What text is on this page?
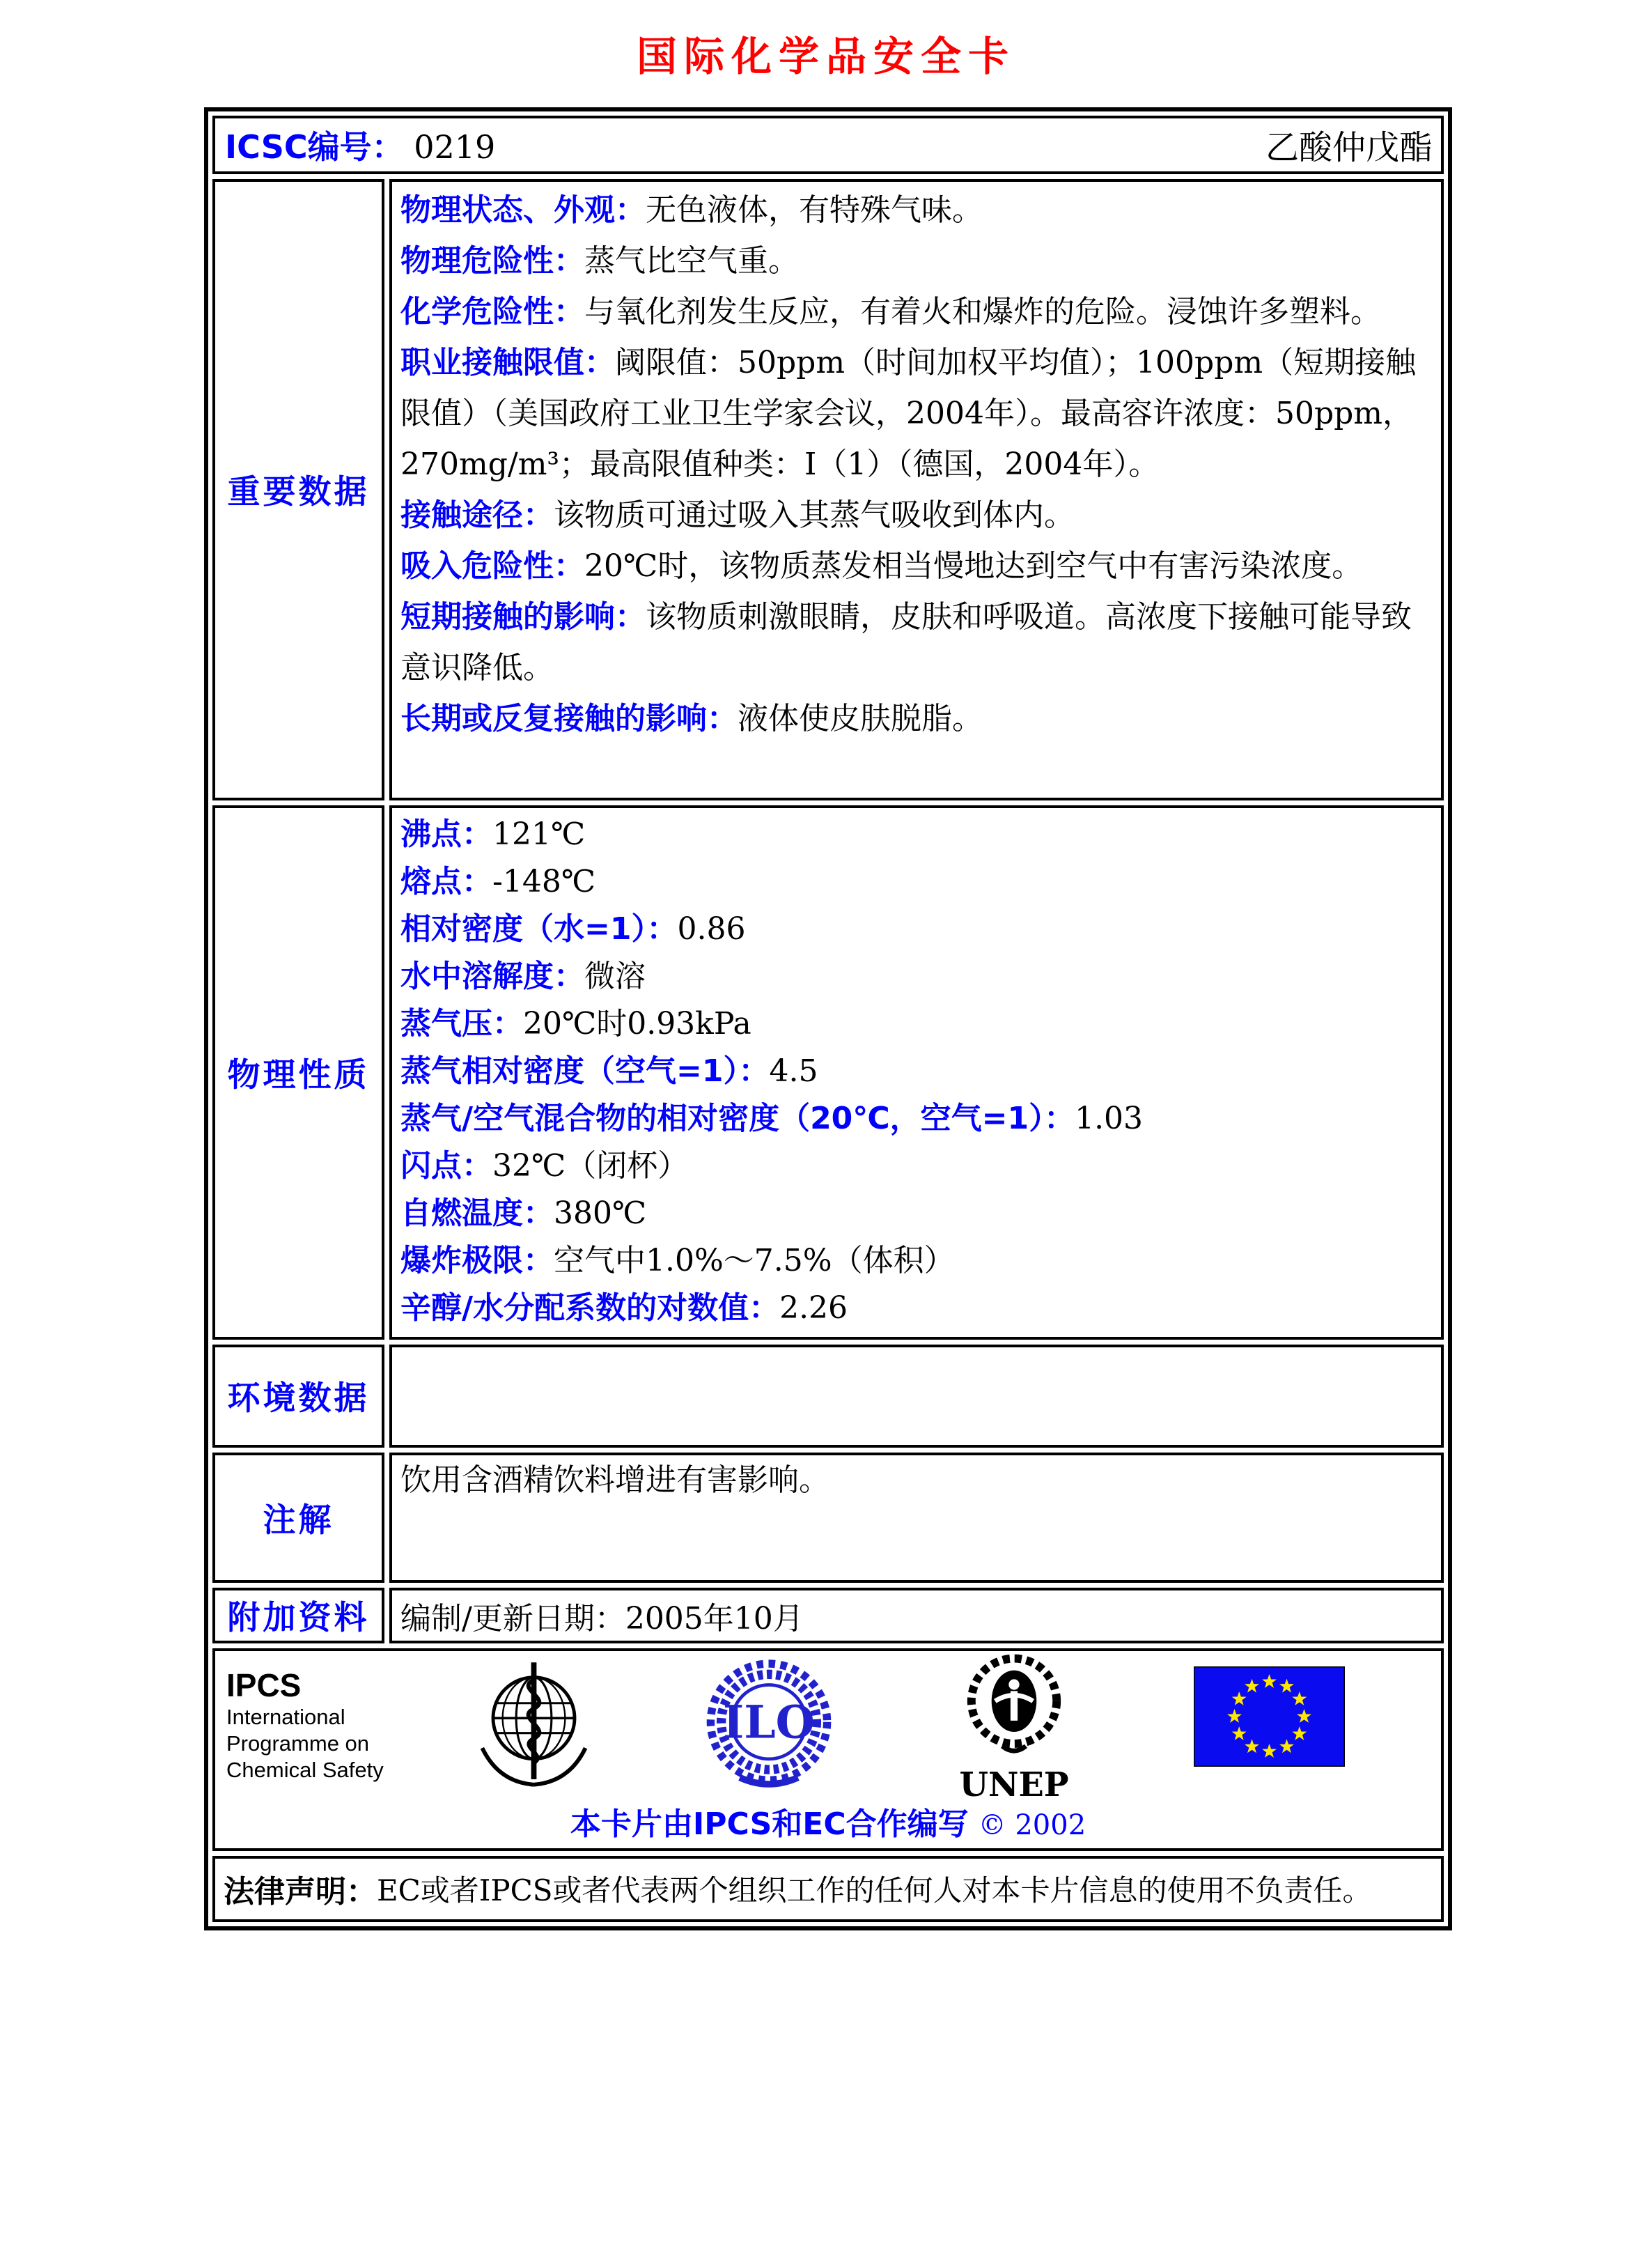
国际化学品安全卡
ICSC编号： 0219	乙酸仲戊酯
重要数据
物理状态、外观：无色液体，有特殊气味。
物理危险性：蒸气比空气重。
化学危险性：与氧化剂发生反应，有着火和爆炸的危险。浸蚀许多塑料。
职业接触限值：阈限值：50ppm（时间加权平均值）；100ppm（短期接触限值）（美国政府工业卫生学家会议，2004年）。最高容许浓度：50ppm，270mg/m³；最高限值种类：I（1）（德国，2004年）。
接触途径：该物质可通过吸入其蒸气吸收到体内。
吸入危险性：20℃时，该物质蒸发相当慢地达到空气中有害污染浓度。
短期接触的影响：该物质刺激眼睛，皮肤和呼吸道。高浓度下接触可能导致意识降低。
长期或反复接触的影响：液体使皮肤脱脂。
物理性质
沸点：121℃
熔点：-148℃
相对密度（水=1）：0.86
水中溶解度：微溶
蒸气压：20℃时0.93kPa
蒸气相对密度（空气=1）：4.5
蒸气/空气混合物的相对密度（20℃，空气=1）：1.03
闪点：32℃（闭杯）
自燃温度：380℃
爆炸极限：空气中1.0%～7.5%（体积）
辛醇/水分配系数的对数值：2.26
环境数据
注解
饮用含酒精饮料增进有害影响。
附加资料	编制/更新日期：2005年10月
IPCS
International
Programme on
Chemical Safety
ILO
UNEP
本卡片由IPCS和EC合作编写 © 2002
法律声明： EC或者IPCS或者代表两个组织工作的任何人对本卡片信息的使用不负责任。
